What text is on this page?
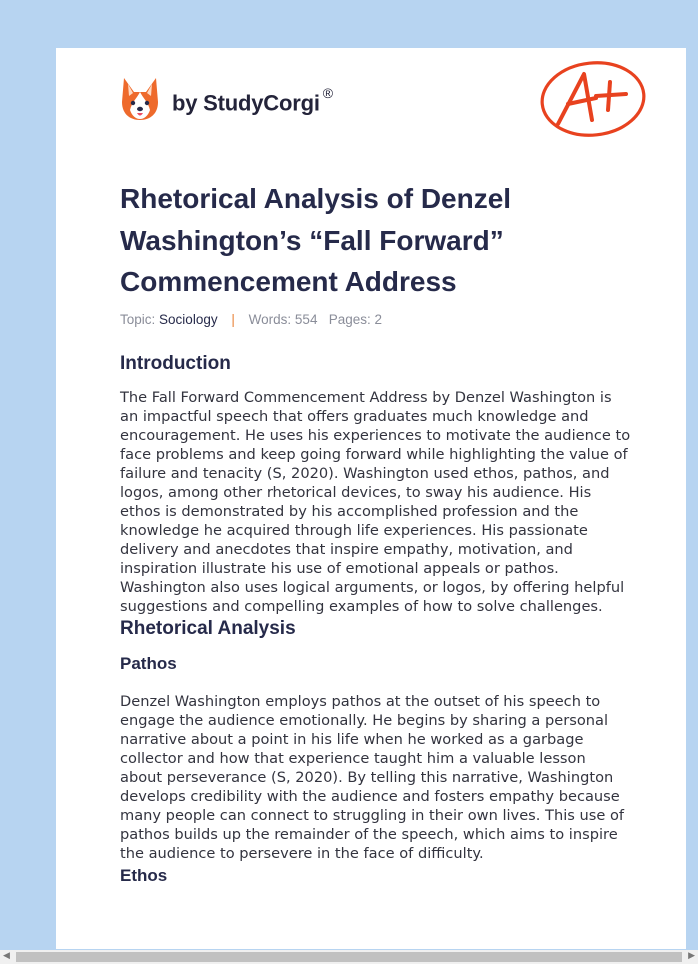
by StudyCorgi ®
Rhetorical Analysis of Denzel Washington’s “Fall Forward” Commencement Address
Topic: Sociology | Words: 554 Pages: 2
Introduction

The Fall Forward Commencement Address by Denzel Washington is an impactful speech that offers graduates much knowledge and encouragement. He uses his experiences to motivate the audience to face problems and keep going forward while highlighting the value of failure and tenacity (S, 2020). Washington used ethos, pathos, and logos, among other rhetorical devices, to sway his audience. His ethos is demonstrated by his accomplished profession and the knowledge he acquired through life experiences. His passionate delivery and anecdotes that inspire empathy, motivation, and inspiration illustrate his use of emotional appeals or pathos. Washington also uses logical arguments, or logos, by offering helpful suggestions and compelling examples of how to solve challenges.

Rhetorical Analysis
Pathos

Denzel Washington employs pathos at the outset of his speech to engage the audience emotionally. He begins by sharing a personal narrative about a point in his life when he worked as a garbage collector and how that experience taught him a valuable lesson about perseverance (S, 2020). By telling this narrative, Washington develops credibility with the audience and fosters empathy because many people can connect to struggling in their own lives. This use of pathos builds up the remainder of the speech, which aims to inspire the audience to persevere in the face of difficulty.

Ethos
◀	▶
